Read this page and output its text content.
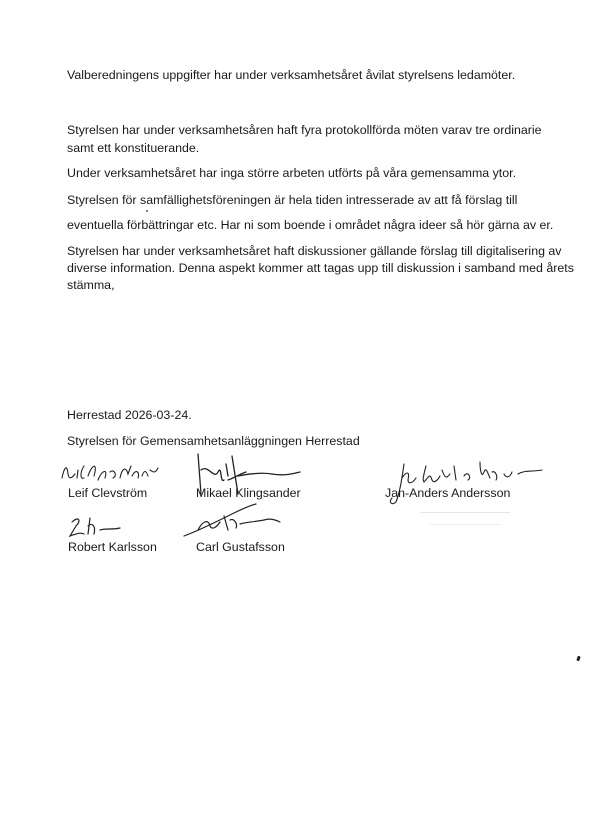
Valberedningens uppgifter har under verksamhetsåret åvilat styrelsens ledamöter.
Styrelsen har under verksamhetsåren haft fyra protokollförda möten varav tre ordinarie
samt ett konstituerande.
Under verksamhetsåret har inga större arbeten utförts på våra gemensamma ytor.
Styrelsen för samfällighetsföreningen är hela tiden intresserade av att få förslag till
eventuella förbättringar etc. Har ni som boende i området några ideer så hör gärna av er.
Styrelsen har under verksamhetsåret haft diskussioner gällande förslag till digitalisering av
diverse information. Denna aspekt kommer att tagas upp till diskussion i samband med årets
stämma,
Herrestad 2026-03-24.
Styrelsen för Gemensamhetsanläggningen Herrestad
Leif Clevström	Mikael Klingsander	Jan-Anders Andersson
Robert Karlsson	Carl Gustafsson
